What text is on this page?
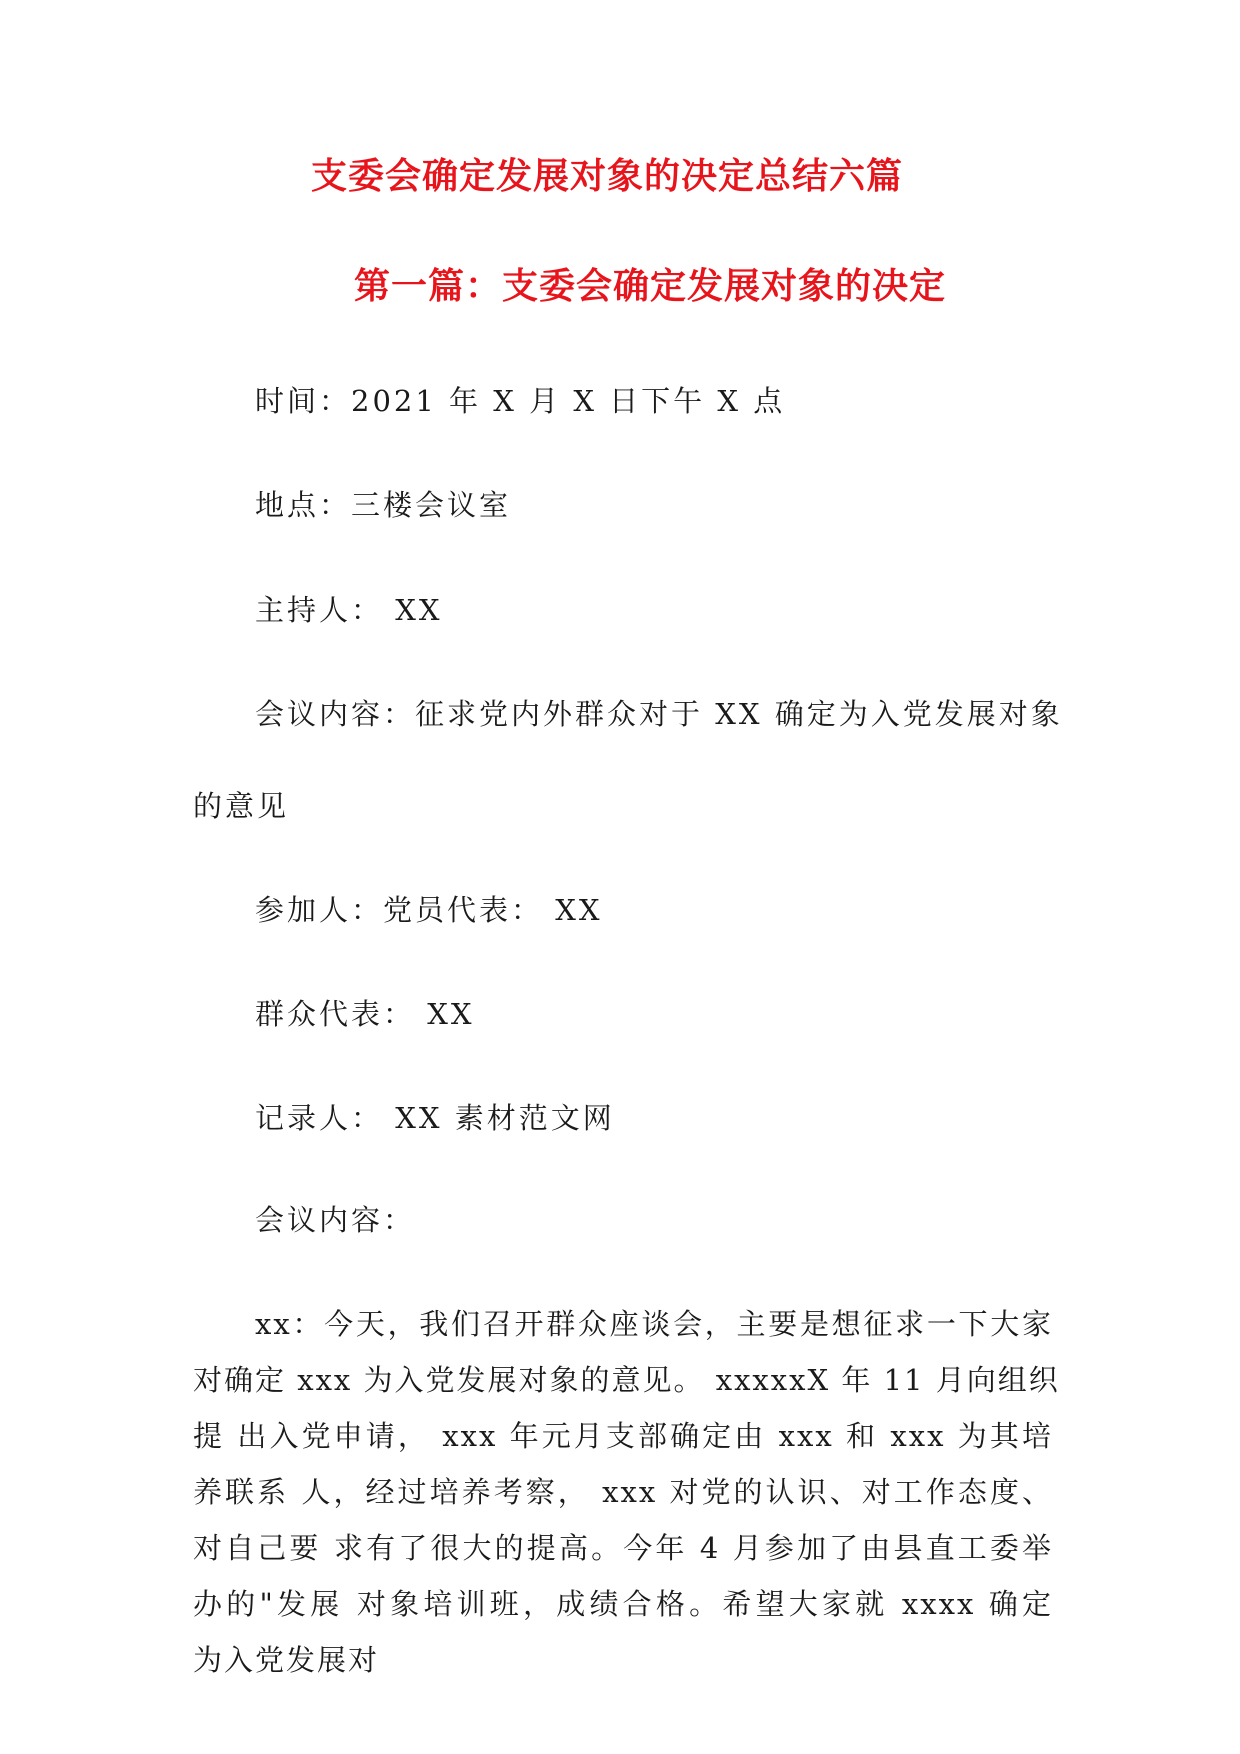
支委会确定发展对象的决定总结六篇
第一篇：支委会确定发展对象的决定
时间：2021 年 X 月 X 日下午 X 点
地点：三楼会议室
主持人： XX
会议内容：征求党内外群众对于 XX 确定为入党发展对象
的意见
参加人：党员代表： XX
群众代表： XX
记录人： XX 素材范文网
会议内容：
xx：今天，我们召开群众座谈会，主要是想征求一下大家
对确定 xxx 为入党发展对象的意见。 xxxxxX 年 11 月向组织
提 出入党申请， xxx 年元月支部确定由 xxx 和 xxx 为其培
养联系 人，经过培养考察， xxx 对党的认识、对工作态度、
对自己要 求有了很大的提高。今年 4 月参加了由县直工委举
办的"发展 对象培训班，成绩合格。希望大家就 xxxx 确定
为入党发展对
